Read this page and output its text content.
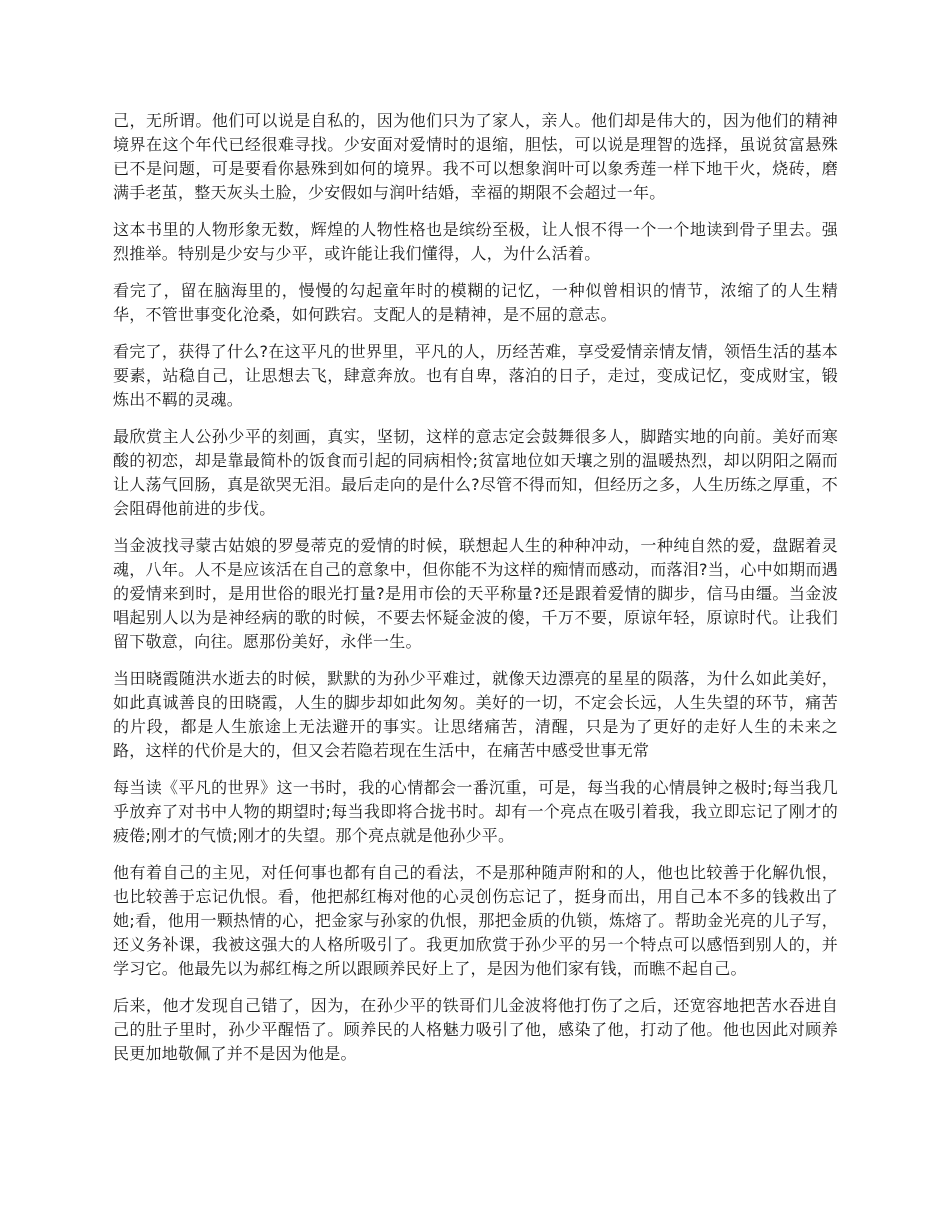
己，无所谓。他们可以说是自私的，因为他们只为了家人，亲人。他们却是伟大的，因为他们的精神境界在这个年代已经很难寻找。少安面对爱情时的退缩，胆怯，可以说是理智的选择，虽说贫富悬殊已不是问题，可是要看你悬殊到如何的境界。我不可以想象润叶可以象秀莲一样下地干火，烧砖，磨满手老茧，整天灰头土脸，少安假如与润叶结婚，幸福的期限不会超过一年。

这本书里的人物形象无数，辉煌的人物性格也是缤纷至极，让人恨不得一个一个地读到骨子里去。强烈推举。特别是少安与少平，或许能让我们懂得，人，为什么活着。

看完了，留在脑海里的，慢慢的勾起童年时的模糊的记忆，一种似曾相识的情节，浓缩了的人生精华，不管世事变化沧桑，如何跌宕。支配人的是精神，是不屈的意志。

看完了，获得了什么?在这平凡的世界里，平凡的人，历经苦难，享受爱情亲情友情，领悟生活的基本要素，站稳自己，让思想去飞，肆意奔放。也有自卑，落泊的日子，走过，变成记忆，变成财宝，锻炼出不羁的灵魂。

最欣赏主人公孙少平的刻画，真实，坚韧，这样的意志定会鼓舞很多人，脚踏实地的向前。美好而寒酸的初恋，却是靠最简朴的饭食而引起的同病相怜;贫富地位如天壤之别的温暖热烈，却以阴阳之隔而让人荡气回肠，真是欲哭无泪。最后走向的是什么?尽管不得而知，但经历之多，人生历练之厚重，不会阻碍他前进的步伐。

当金波找寻蒙古姑娘的罗曼蒂克的爱情的时候，联想起人生的种种冲动，一种纯自然的爱，盘踞着灵魂，八年。人不是应该活在自己的意象中，但你能不为这样的痴情而感动，而落泪?当，心中如期而遇的爱情来到时，是用世俗的眼光打量?是用市侩的天平称量?还是跟着爱情的脚步，信马由缰。当金波唱起别人以为是神经病的歌的时候，不要去怀疑金波的傻，千万不要，原谅年轻，原谅时代。让我们留下敬意，向往。愿那份美好，永伴一生。

当田晓霞随洪水逝去的时候，默默的为孙少平难过，就像天边漂亮的星星的陨落，为什么如此美好，如此真诚善良的田晓霞，人生的脚步却如此匆匆。美好的一切，不定会长远，人生失望的环节，痛苦的片段，都是人生旅途上无法避开的事实。让思绪痛苦，清醒，只是为了更好的走好人生的未来之路，这样的代价是大的，但又会若隐若现在生活中，在痛苦中感受世事无常

每当读《平凡的世界》这一书时，我的心情都会一番沉重，可是，每当我的心情晨钟之极时;每当我几乎放弃了对书中人物的期望时;每当我即将合拢书时。却有一个亮点在吸引着我，我立即忘记了刚才的疲倦;刚才的气愤;刚才的失望。那个亮点就是他孙少平。

他有着自己的主见，对任何事也都有自己的看法，不是那种随声附和的人，他也比较善于化解仇恨，也比较善于忘记仇恨。看，他把郝红梅对他的心灵创伤忘记了，挺身而出，用自己本不多的钱救出了她;看，他用一颗热情的心，把金家与孙家的仇恨，那把金质的仇锁，炼熔了。帮助金光亮的儿子写，还义务补课，我被这强大的人格所吸引了。我更加欣赏于孙少平的另一个特点可以感悟到别人的，并学习它。他最先以为郝红梅之所以跟顾养民好上了，是因为他们家有钱，而瞧不起自己。

后来，他才发现自己错了，因为，在孙少平的铁哥们儿金波将他打伤了之后，还宽容地把苦水吞进自己的肚子里时，孙少平醒悟了。顾养民的人格魅力吸引了他，感染了他，打动了他。他也因此对顾养民更加地敬佩了并不是因为他是。
